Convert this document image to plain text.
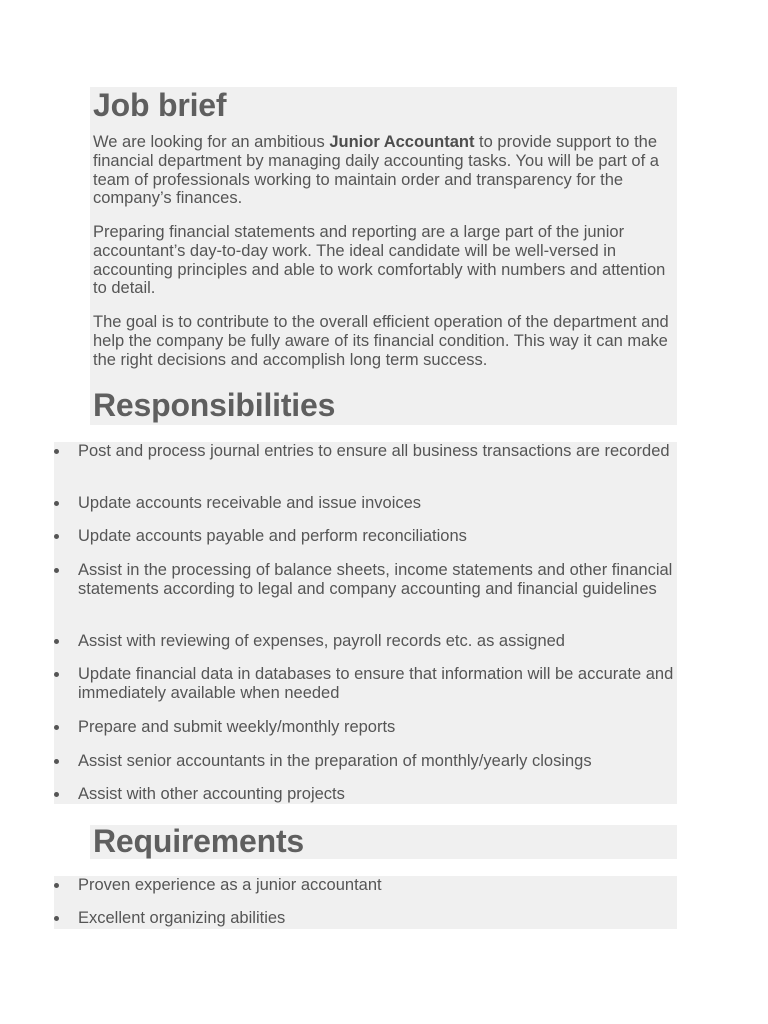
Job brief

We are looking for an ambitious Junior Accountant to provide support to the financial department by managing daily accounting tasks. You will be part of a team of professionals working to maintain order and transparency for the company’s finances.

Preparing financial statements and reporting are a large part of the junior accountant’s day-to-day work. The ideal candidate will be well-versed in accounting principles and able to work comfortably with numbers and attention to detail.

The goal is to contribute to the overall efficient operation of the department and help the company be fully aware of its financial condition. This way it can make the right decisions and accomplish long term success.

Responsibilities
Post and process journal entries to ensure all business transactions are recorded
Update accounts receivable and issue invoices
Update accounts payable and perform reconciliations
Assist in the processing of balance sheets, income statements and other financial statements according to legal and company accounting and financial guidelines
Assist with reviewing of expenses, payroll records etc. as assigned
Update financial data in databases to ensure that information will be accurate and immediately available when needed
Prepare and submit weekly/monthly reports
Assist senior accountants in the preparation of monthly/yearly closings
Assist with other accounting projects
Requirements
Proven experience as a junior accountant
Excellent organizing abilities
